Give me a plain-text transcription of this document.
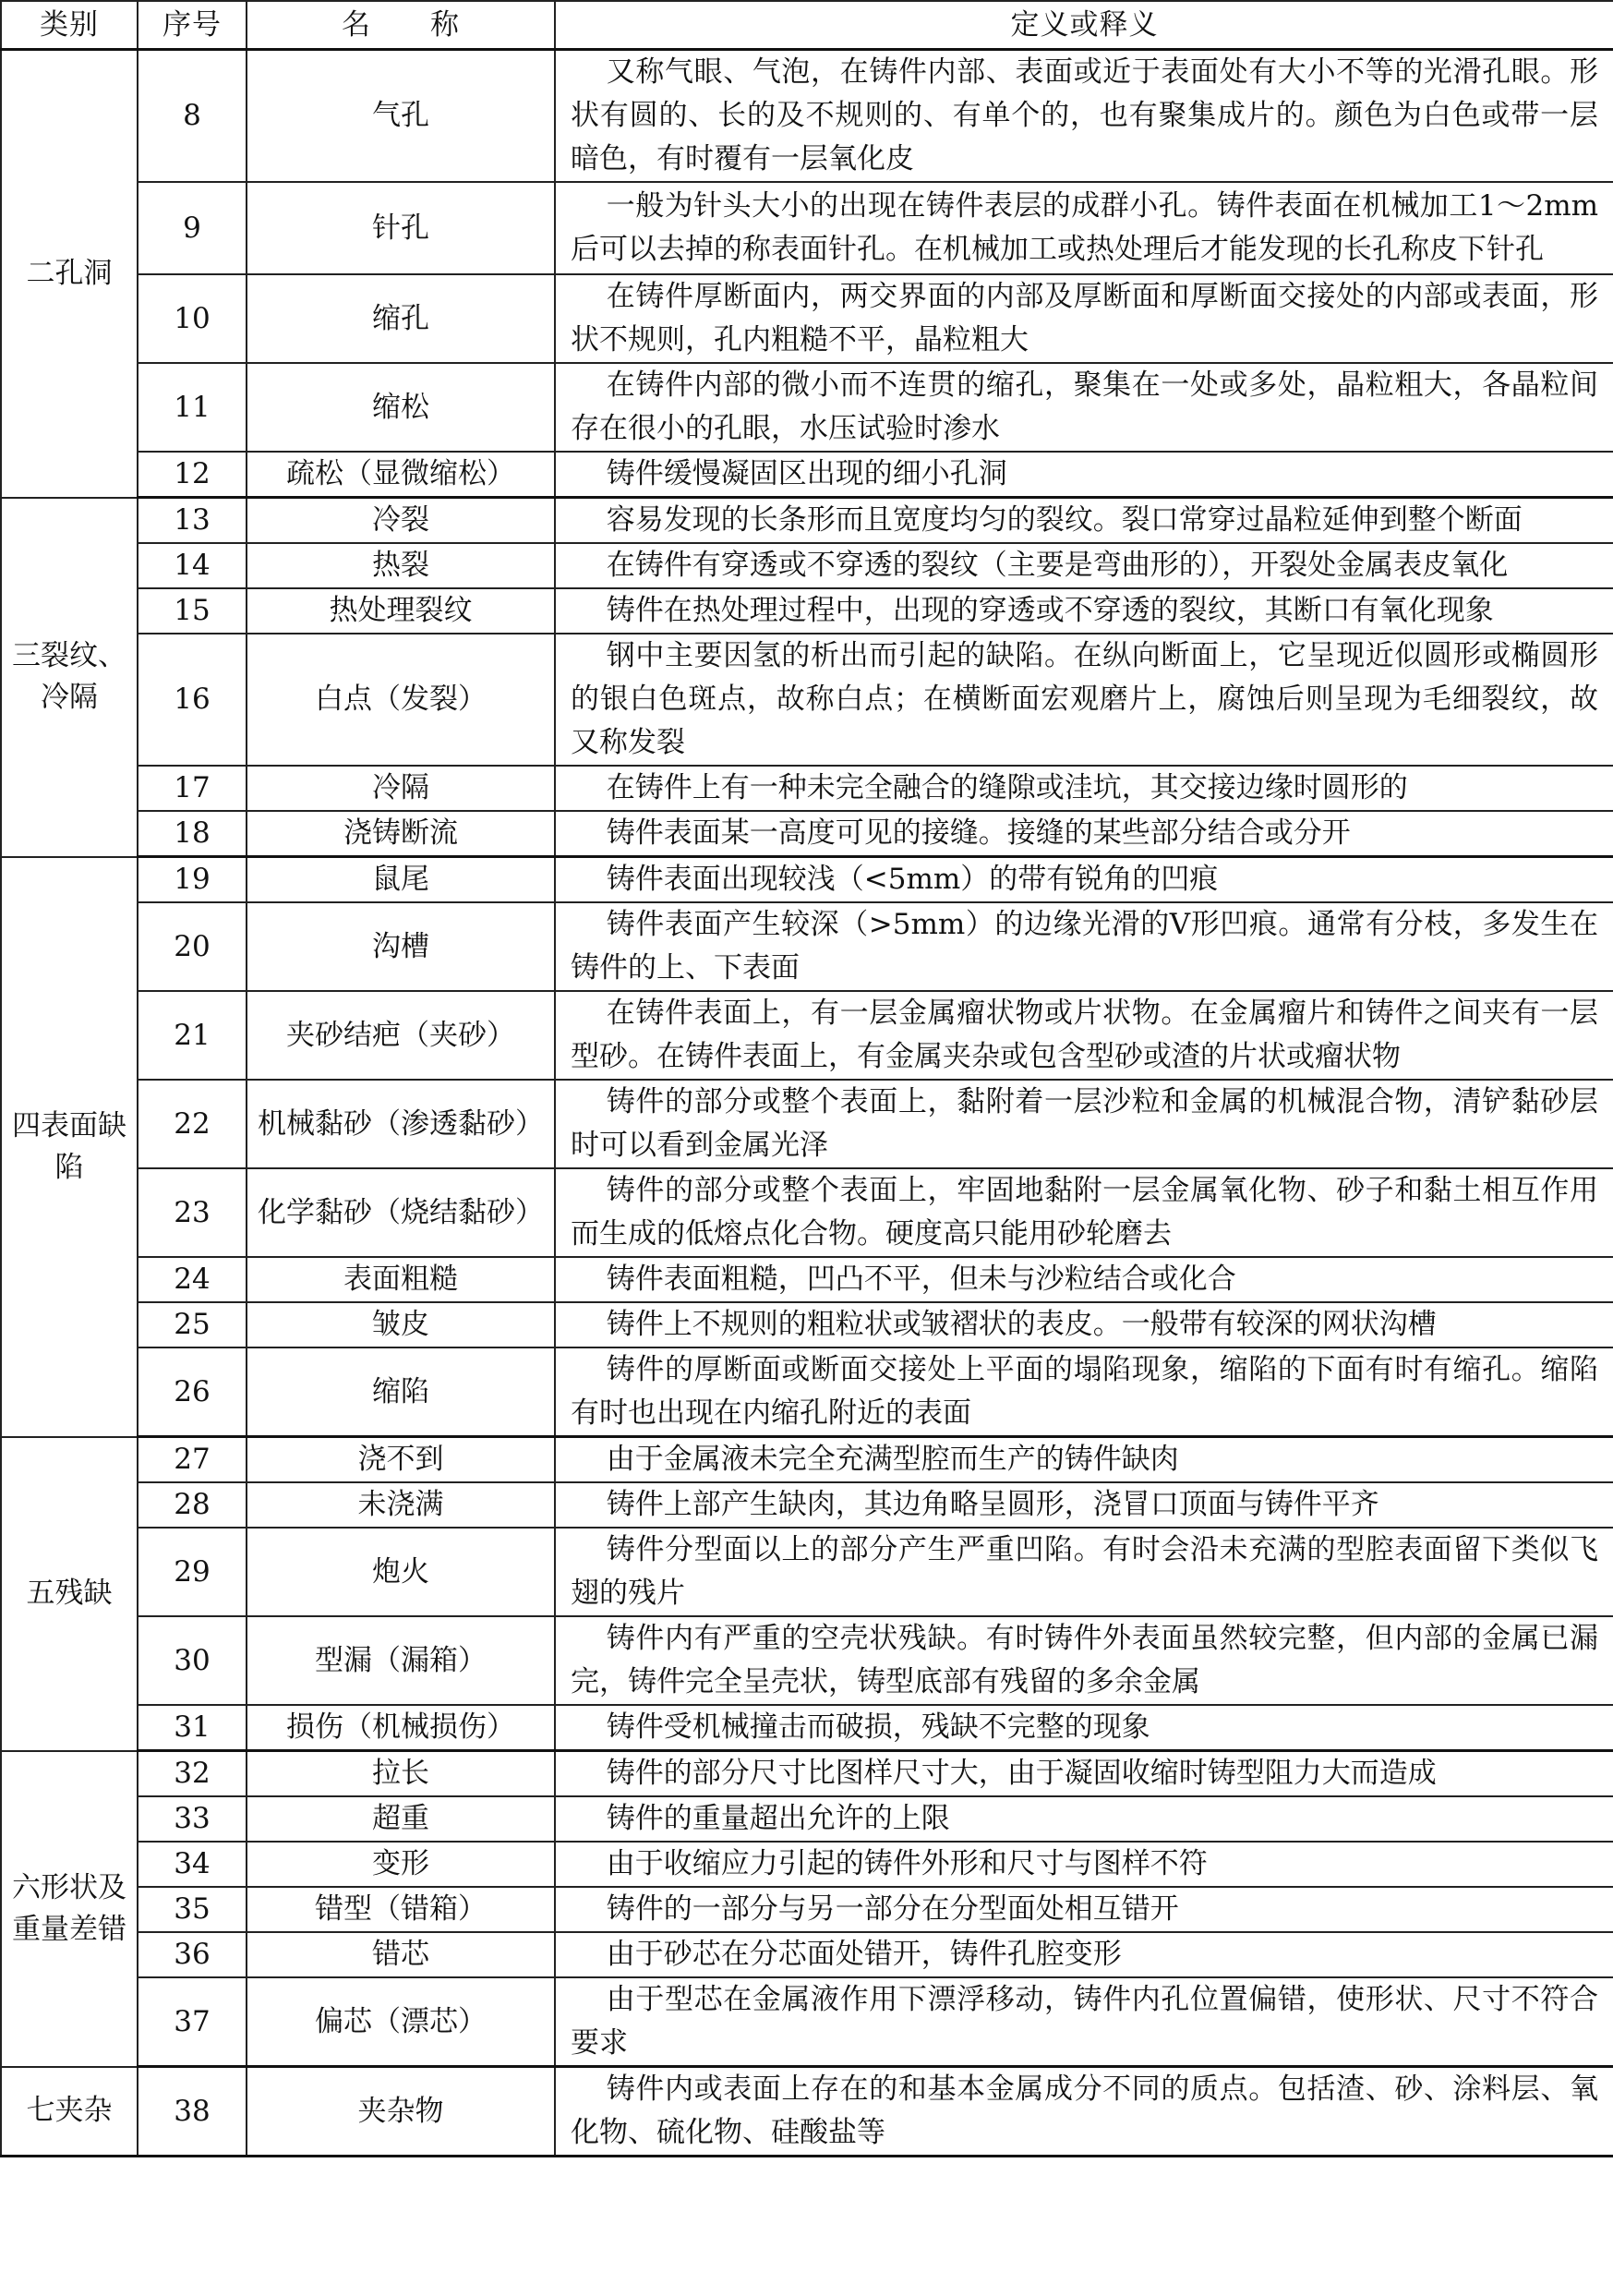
类别	序号	名　　称	定义或释义
二孔洞	8	气孔	又称气眼、气泡，在铸件内部、表面或近于表面处有大小不等的光滑孔眼。形状有圆的、长的及不规则的、有单个的，也有聚集成片的。颜色为白色或带一层暗色，有时覆有一层氧化皮
	9	针孔	一般为针头大小的出现在铸件表层的成群小孔。铸件表面在机械加工1～2mm后可以去掉的称表面针孔。在机械加工或热处理后才能发现的长孔称皮下针孔
	10	缩孔	在铸件厚断面内，两交界面的内部及厚断面和厚断面交接处的内部或表面，形状不规则，孔内粗糙不平，晶粒粗大
	11	缩松	在铸件内部的微小而不连贯的缩孔，聚集在一处或多处，晶粒粗大，各晶粒间存在很小的孔眼，水压试验时渗水
	12	疏松（显微缩松）	铸件缓慢凝固区出现的细小孔洞
三裂纹、冷隔	13	冷裂	容易发现的长条形而且宽度均匀的裂纹。裂口常穿过晶粒延伸到整个断面
	14	热裂	在铸件有穿透或不穿透的裂纹（主要是弯曲形的），开裂处金属表皮氧化
	15	热处理裂纹	铸件在热处理过程中，出现的穿透或不穿透的裂纹，其断口有氧化现象
	16	白点（发裂）	钢中主要因氢的析出而引起的缺陷。在纵向断面上，它呈现近似圆形或椭圆形的银白色斑点，故称白点；在横断面宏观磨片上，腐蚀后则呈现为毛细裂纹，故又称发裂
	17	冷隔	在铸件上有一种未完全融合的缝隙或洼坑，其交接边缘时圆形的
	18	浇铸断流	铸件表面某一高度可见的接缝。接缝的某些部分结合或分开
四表面缺陷	19	鼠尾	铸件表面出现较浅（<5mm）的带有锐角的凹痕
	20	沟槽	铸件表面产生较深（>5mm）的边缘光滑的V形凹痕。通常有分枝，多发生在铸件的上、下表面
	21	夹砂结疤（夹砂）	在铸件表面上，有一层金属瘤状物或片状物。在金属瘤片和铸件之间夹有一层型砂。在铸件表面上，有金属夹杂或包含型砂或渣的片状或瘤状物
	22	机械黏砂（渗透黏砂）	铸件的部分或整个表面上，黏附着一层沙粒和金属的机械混合物，清铲黏砂层时可以看到金属光泽
	23	化学黏砂（烧结黏砂）	铸件的部分或整个表面上，牢固地黏附一层金属氧化物、砂子和黏土相互作用而生成的低熔点化合物。硬度高只能用砂轮磨去
	24	表面粗糙	铸件表面粗糙，凹凸不平，但未与沙粒结合或化合
	25	皱皮	铸件上不规则的粗粒状或皱褶状的表皮。一般带有较深的网状沟槽
	26	缩陷	铸件的厚断面或断面交接处上平面的塌陷现象，缩陷的下面有时有缩孔。缩陷有时也出现在内缩孔附近的表面
五残缺	27	浇不到	由于金属液未完全充满型腔而生产的铸件缺肉
	28	未浇满	铸件上部产生缺肉，其边角略呈圆形，浇冒口顶面与铸件平齐
	29	炮火	铸件分型面以上的部分产生严重凹陷。有时会沿未充满的型腔表面留下类似飞翅的残片
	30	型漏（漏箱）	铸件内有严重的空壳状残缺。有时铸件外表面虽然较完整，但内部的金属已漏完，铸件完全呈壳状，铸型底部有残留的多余金属
	31	损伤（机械损伤）	铸件受机械撞击而破损，残缺不完整的现象
六形状及重量差错	32	拉长	铸件的部分尺寸比图样尺寸大，由于凝固收缩时铸型阻力大而造成
	33	超重	铸件的重量超出允许的上限
	34	变形	由于收缩应力引起的铸件外形和尺寸与图样不符
	35	错型（错箱）	铸件的一部分与另一部分在分型面处相互错开
	36	错芯	由于砂芯在分芯面处错开，铸件孔腔变形
	37	偏芯（漂芯）	由于型芯在金属液作用下漂浮移动，铸件内孔位置偏错，使形状、尺寸不符合要求
七夹杂	38	夹杂物	铸件内或表面上存在的和基本金属成分不同的质点。包括渣、砂、涂料层、氧化物、硫化物、硅酸盐等
